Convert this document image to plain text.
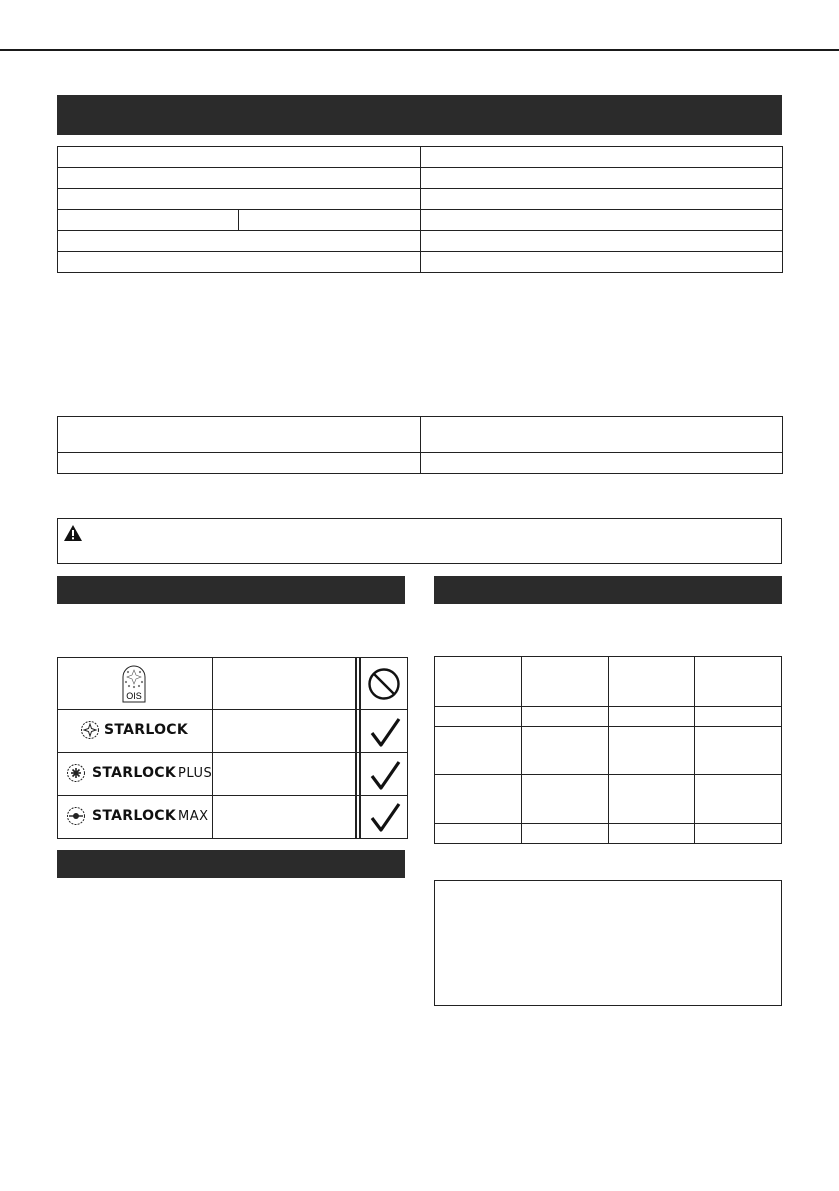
OIS
STARLOCK
STARLOCK PLUS
STARLOCK MAX
